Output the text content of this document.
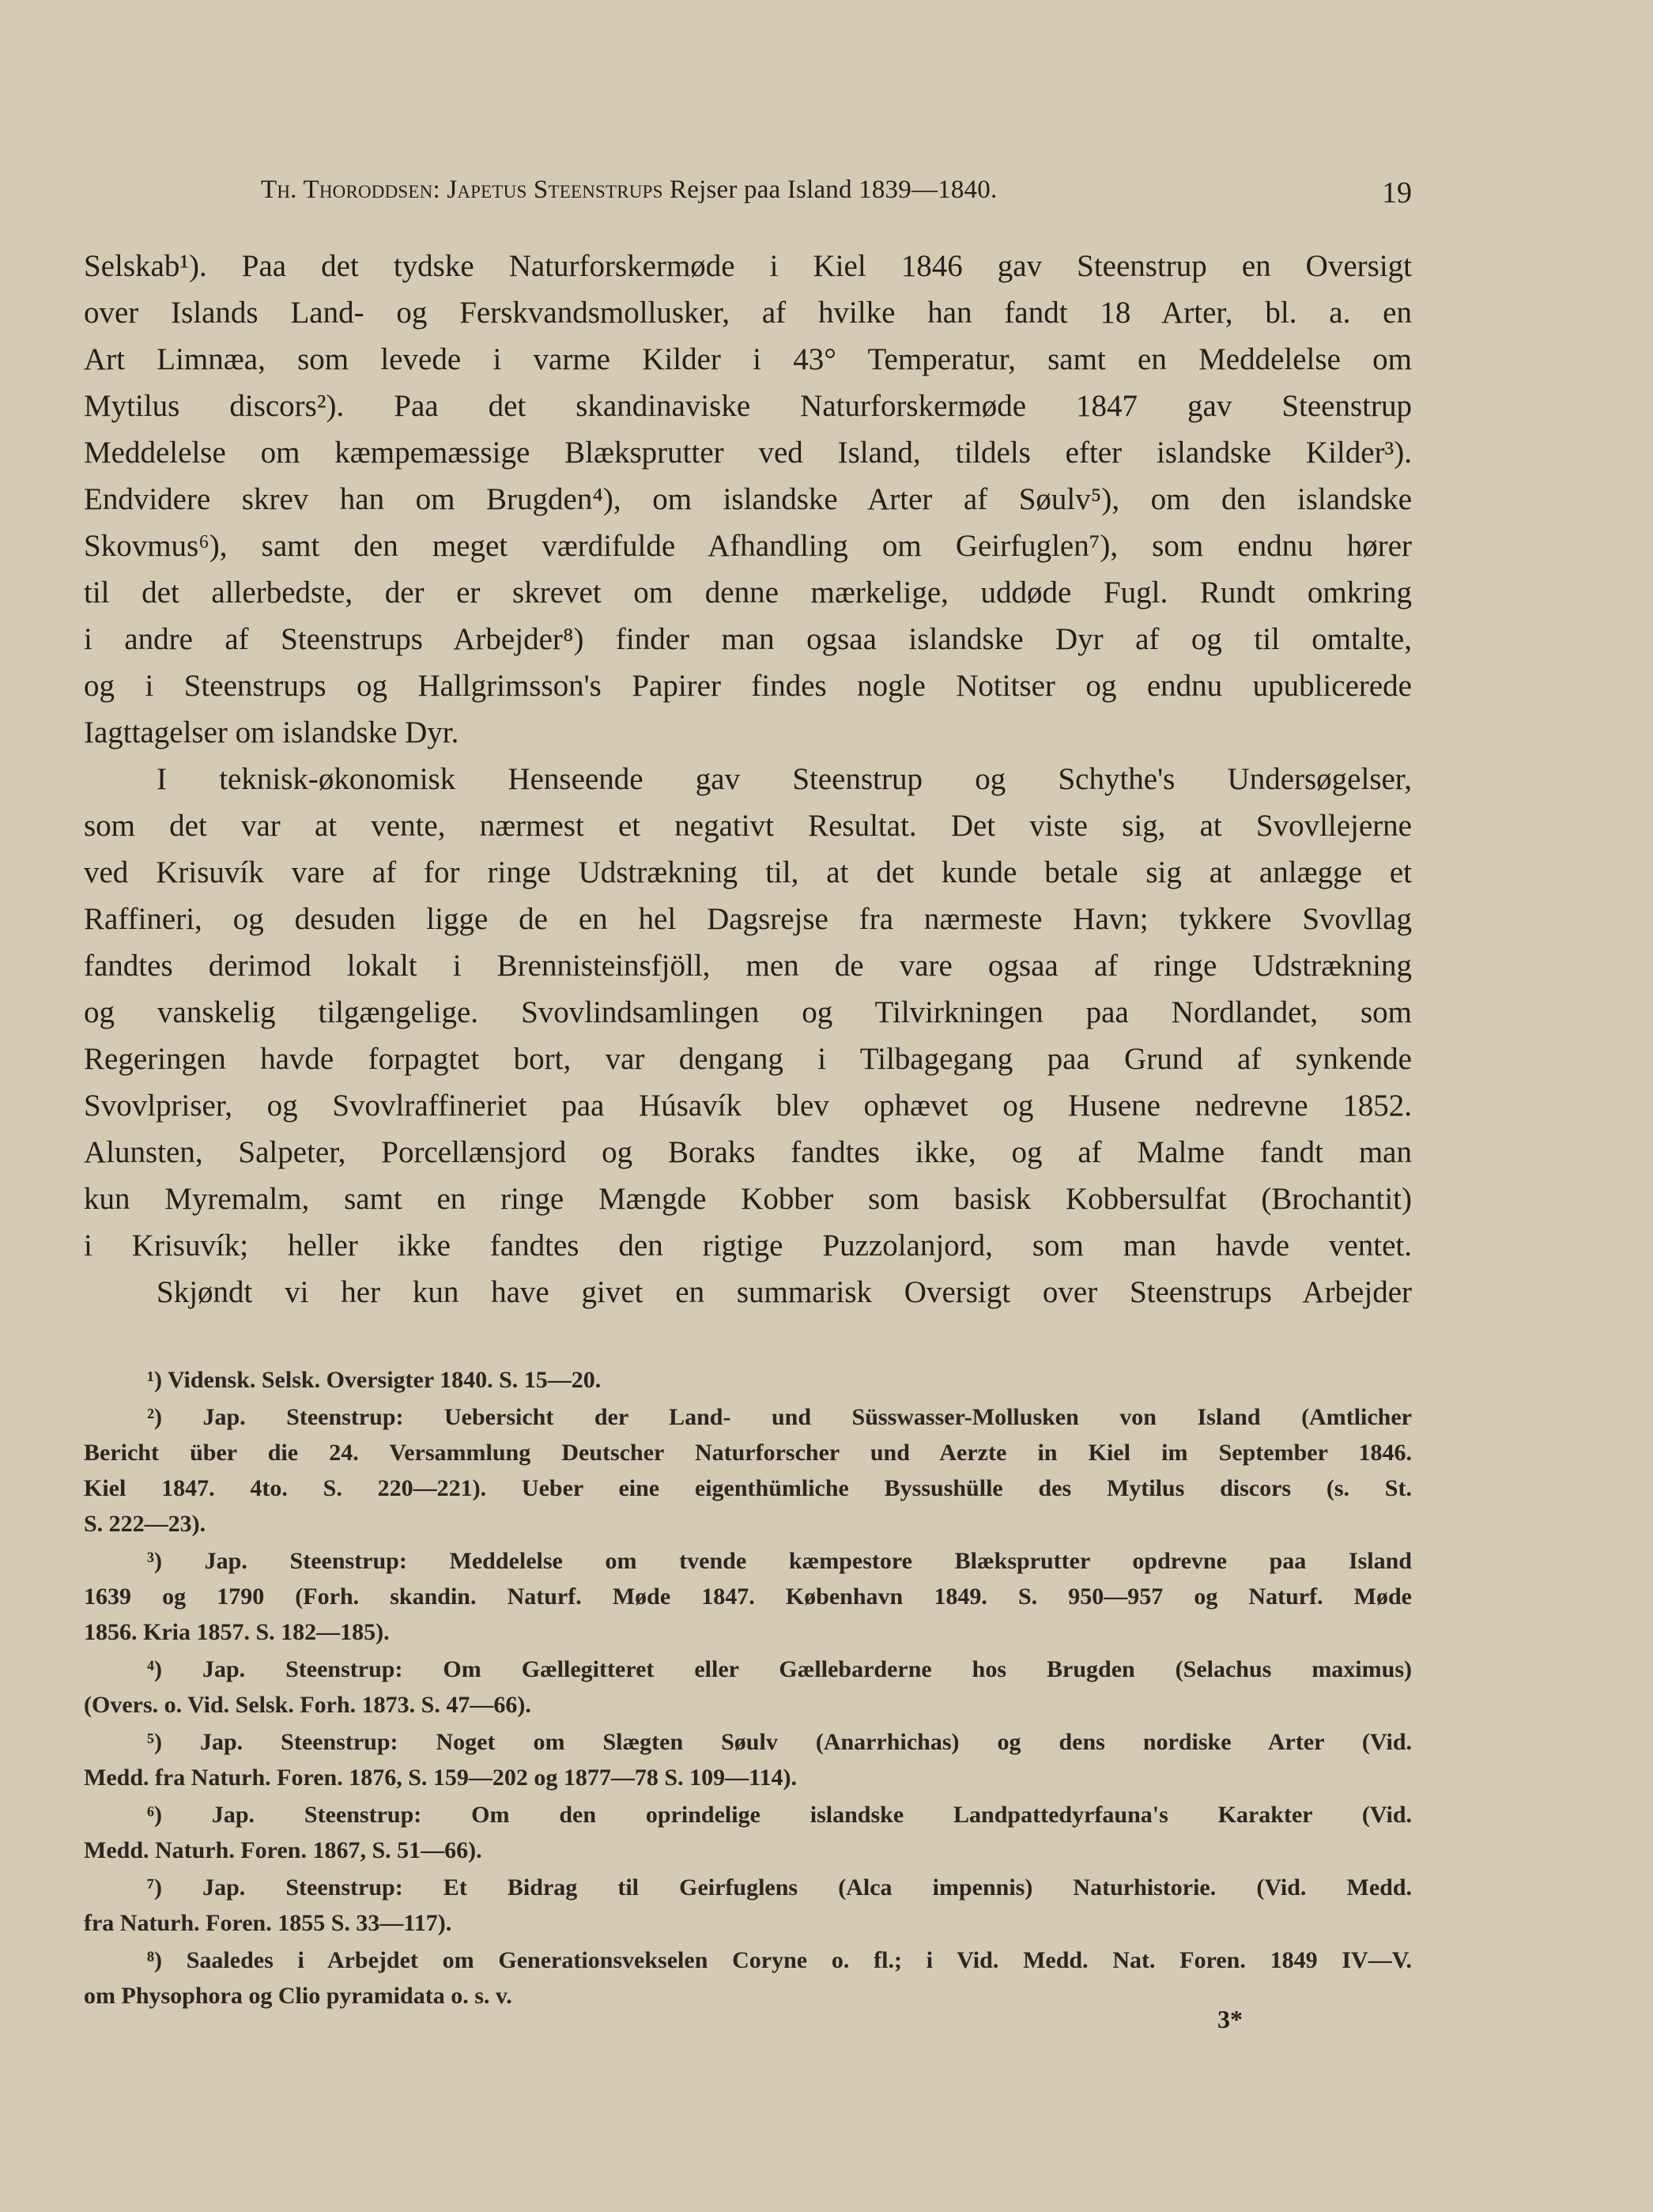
Th. Thoroddsen: Japetus Steenstrups Rejser paa Island 1839—1840.	19
Selskab¹). Paa det tydske Naturforskermøde i Kiel 1846 gav Steenstrup en Oversigt
over Islands Land- og Ferskvandsmollusker, af hvilke han fandt 18 Arter, bl. a. en
Art Limnæa, som levede i varme Kilder i 43° Temperatur, samt en Meddelelse om
Mytilus discors²). Paa det skandinaviske Naturforskermøde 1847 gav Steenstrup
Meddelelse om kæmpemæssige Blæksprutter ved Island, tildels efter islandske Kilder³).
Endvidere skrev han om Brugden⁴), om islandske Arter af Søulv⁵), om den islandske
Skovmus⁶), samt den meget værdifulde Afhandling om Geirfuglen⁷), som endnu hører
til det allerbedste, der er skrevet om denne mærkelige, uddøde Fugl. Rundt omkring
i andre af Steenstrups Arbejder⁸) finder man ogsaa islandske Dyr af og til omtalte,
og i Steenstrups og Hallgrimsson's Papirer findes nogle Notitser og endnu upublicerede
Iagttagelser om islandske Dyr.
I teknisk-økonomisk Henseende gav Steenstrup og Schythe's Undersøgelser,
som det var at vente, nærmest et negativt Resultat. Det viste sig, at Svovllejerne
ved Krisuvík vare af for ringe Udstrækning til, at det kunde betale sig at anlægge et
Raffineri, og desuden ligge de en hel Dagsrejse fra nærmeste Havn; tykkere Svovllag
fandtes derimod lokalt i Brennisteinsfjöll, men de vare ogsaa af ringe Udstrækning
og vanskelig tilgængelige. Svovlindsamlingen og Tilvirkningen paa Nordlandet, som
Regeringen havde forpagtet bort, var dengang i Tilbagegang paa Grund af synkende
Svovlpriser, og Svovlraffineriet paa Húsavík blev ophævet og Husene nedrevne 1852.
Alunsten, Salpeter, Porcellænsjord og Boraks fandtes ikke, og af Malme fandt man
kun Myremalm, samt en ringe Mængde Kobber som basisk Kobbersulfat (Brochantit)
i Krisuvík; heller ikke fandtes den rigtige Puzzolanjord, som man havde ventet.
Skjøndt vi her kun have givet en summarisk Oversigt over Steenstrups Arbejder
¹) Vidensk. Selsk. Oversigter 1840. S. 15—20.
²) Jap. Steenstrup: Uebersicht der Land- und Süsswasser-Mollusken von Island (Amtlicher
Bericht über die 24. Versammlung Deutscher Naturforscher und Aerzte in Kiel im September 1846.
Kiel 1847. 4to. S. 220—221). Ueber eine eigenthümliche Byssushülle des Mytilus discors (s. St.
S. 222—23).
³) Jap. Steenstrup: Meddelelse om tvende kæmpestore Blæksprutter opdrevne paa Island
1639 og 1790 (Forh. skandin. Naturf. Møde 1847. København 1849. S. 950—957 og Naturf. Møde
1856. Kria 1857. S. 182—185).
⁴) Jap. Steenstrup: Om Gællegitteret eller Gællebarderne hos Brugden (Selachus maximus)
(Overs. o. Vid. Selsk. Forh. 1873. S. 47—66).
⁵) Jap. Steenstrup: Noget om Slægten Søulv (Anarrhichas) og dens nordiske Arter (Vid.
Medd. fra Naturh. Foren. 1876, S. 159—202 og 1877—78 S. 109—114).
⁶) Jap. Steenstrup: Om den oprindelige islandske Landpattedyrfauna's Karakter (Vid.
Medd. Naturh. Foren. 1867, S. 51—66).
⁷) Jap. Steenstrup: Et Bidrag til Geirfuglens (Alca impennis) Naturhistorie. (Vid. Medd.
fra Naturh. Foren. 1855 S. 33—117).
⁸) Saaledes i Arbejdet om Generationsvekselen Coryne o. fl.; i Vid. Medd. Nat. Foren. 1849 IV—V.
om Physophora og Clio pyramidata o. s. v.
3*
